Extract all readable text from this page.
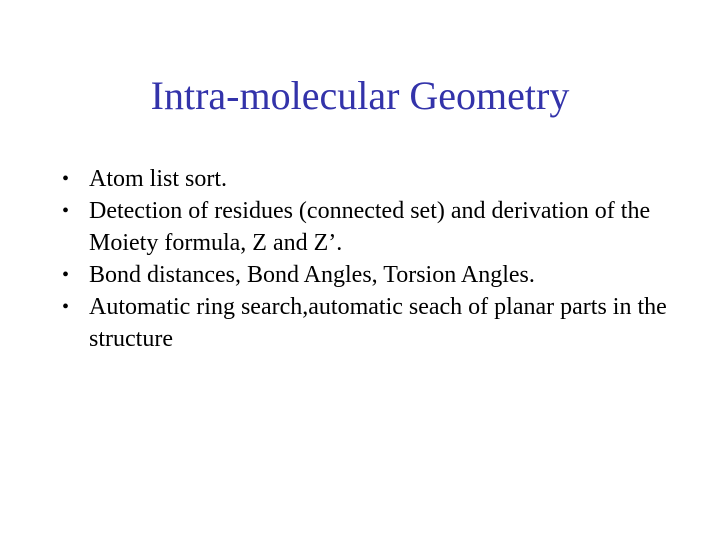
Intra-molecular Geometry
• Atom list sort.
• Detection of residues (connected set) and derivation of the Moiety formula, Z and Z’.
• Bond distances, Bond Angles, Torsion Angles.
• Automatic ring search,automatic seach of planar parts in the structure
